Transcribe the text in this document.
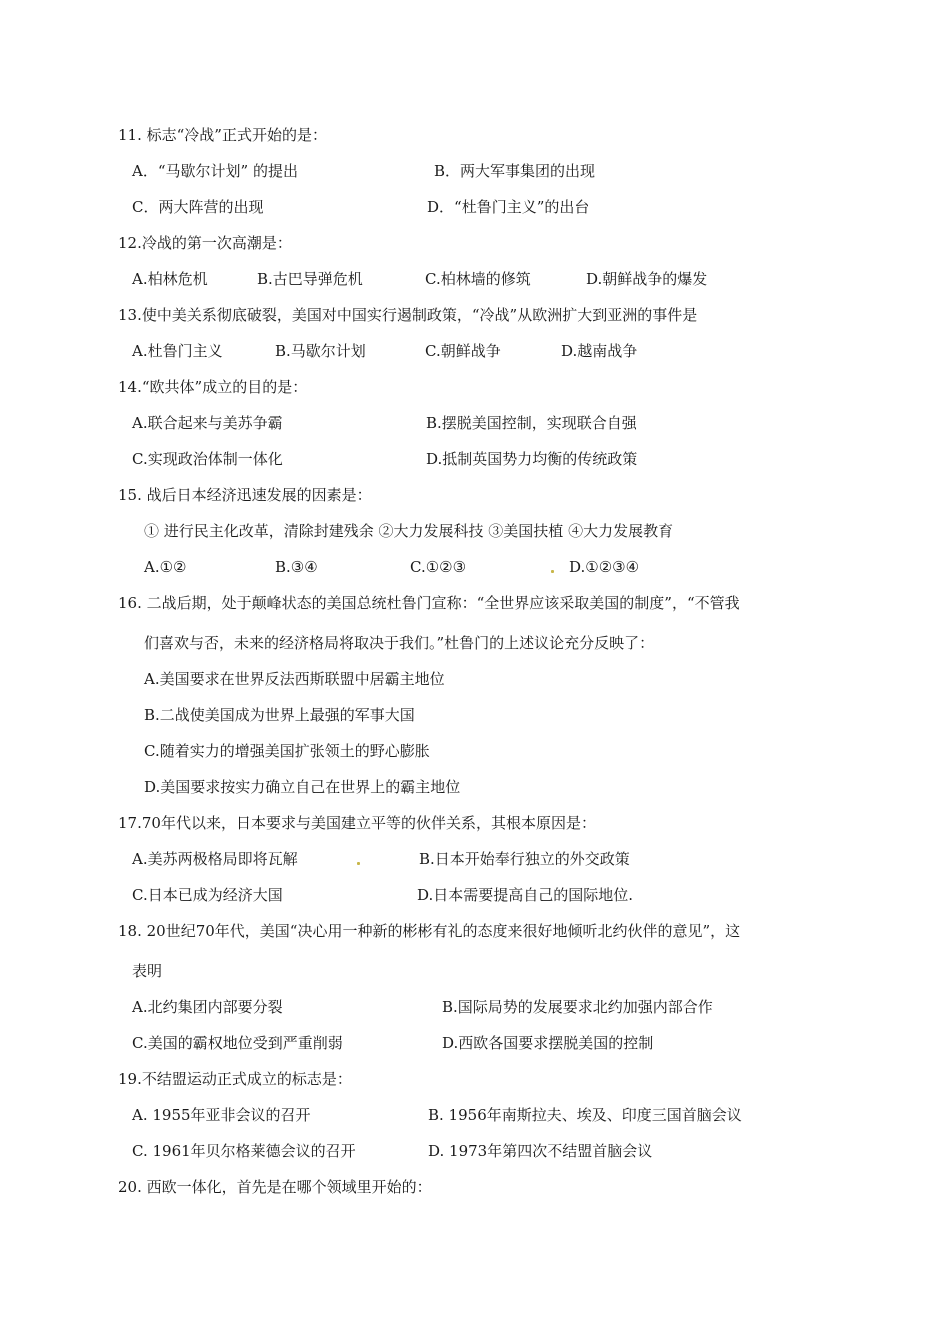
11. 标志“冷战”正式开始的是：
A．“马歇尔计划” 的提出	B．两大军事集团的出现
C．两大阵营的出现	D．“杜鲁门主义”的出台
12.冷战的第一次高潮是：
A.柏林危机	B.古巴导弹危机	C.柏林墙的修筑	D.朝鲜战争的爆发
13.使中美关系彻底破裂，美国对中国实行遏制政策，“冷战”从欧洲扩大到亚洲的事件是
A.杜鲁门主义	B.马歇尔计划	C.朝鲜战争	D.越南战争
14.“欧共体”成立的目的是：
A.联合起来与美苏争霸	B.摆脱美国控制，实现联合自强
C.实现政治体制一体化	D.抵制英国势力均衡的传统政策
15. 战后日本经济迅速发展的因素是：
① 进行民主化改革，清除封建残余 ②大力发展科技 ③美国扶植 ④大力发展教育
A.①②	B.③④	C.①②③	D.①②③④
16. 二战后期，处于颠峰状态的美国总统杜鲁门宣称：“全世界应该采取美国的制度”，“不管我
们喜欢与否，未来的经济格局将取决于我们。”杜鲁门的上述议论充分反映了：
A.美国要求在世界反法西斯联盟中居霸主地位
B.二战使美国成为世界上最强的军事大国
C.随着实力的增强美国扩张领土的野心膨胀
D.美国要求按实力确立自己在世界上的霸主地位
17.70年代以来，日本要求与美国建立平等的伙伴关系，其根本原因是：
A.美苏两极格局即将瓦解	B.日本开始奉行独立的外交政策
C.日本已成为经济大国	D.日本需要提高自己的国际地位.
18. 20世纪70年代，美国“决心用一种新的彬彬有礼的态度来很好地倾听北约伙伴的意见”，这
表明
A.北约集团内部要分裂	B.国际局势的发展要求北约加强内部合作
C.美国的霸权地位受到严重削弱	D.西欧各国要求摆脱美国的控制
19.不结盟运动正式成立的标志是：
A. 1955年亚非会议的召开	B. 1956年南斯拉夫、埃及、印度三国首脑会议
C. 1961年贝尔格莱德会议的召开	D. 1973年第四次不结盟首脑会议
20. 西欧一体化，首先是在哪个领域里开始的：
